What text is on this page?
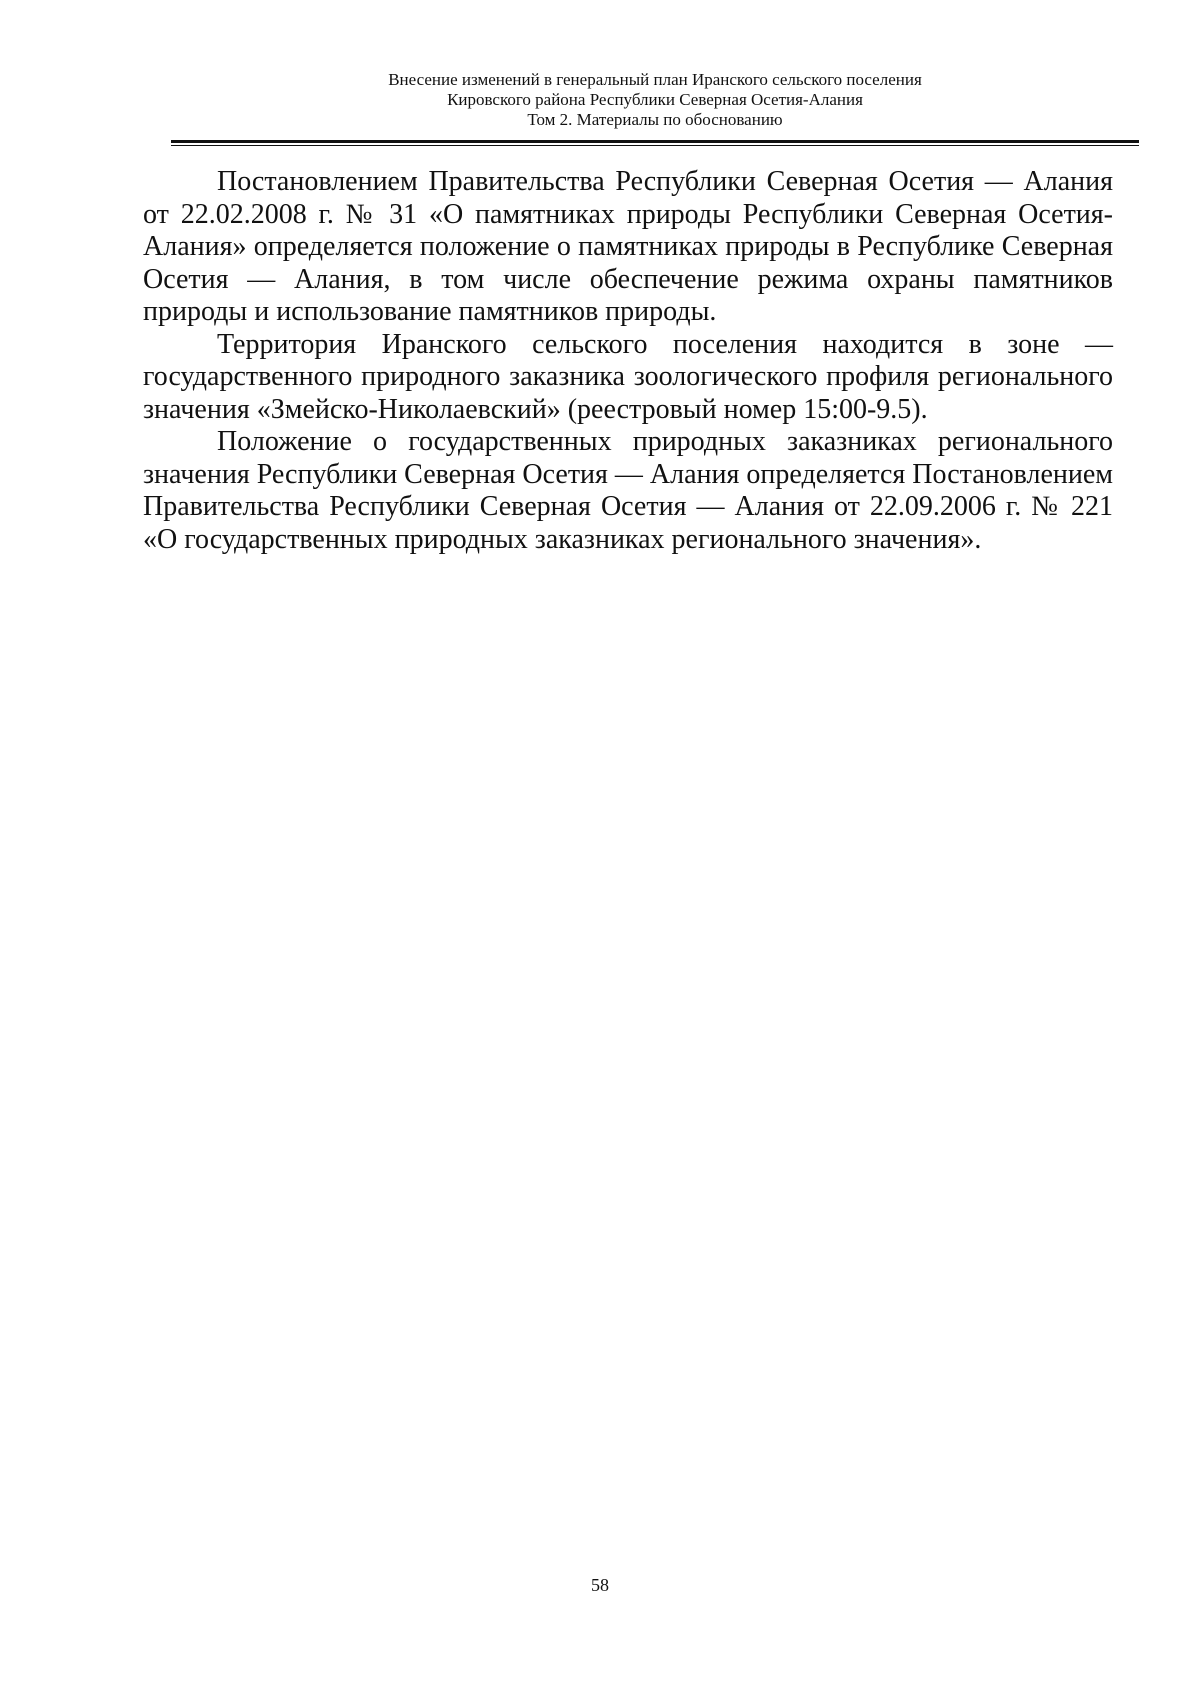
Внесение изменений в генеральный план Иранского сельского поселения
Кировского района Республики Северная Осетия-Алания
Том 2. Материалы по обоснованию

Постановлением Правительства Республики Северная Осетия — Алания от 22.02.2008 г. № 31 «О памятниках природы Республики Северная Осетия-Алания» определяется положение о памятниках природы в Республике Северная Осетия — Алания, в том числе обеспечение режима охраны памятников природы и использование памятников природы.

Территория Иранского сельского поселения находится в зоне — государственного природного заказника зоологического профиля регионального значения «Змейско-Николаевский» (реестровый номер 15:00-9.5).

Положение о государственных природных заказниках регионального значения Республики Северная Осетия — Алания определяется Постановлением Правительства Республики Северная Осетия — Алания от 22.09.2006 г. № 221 «О государственных природных заказниках регионального значения».

58
